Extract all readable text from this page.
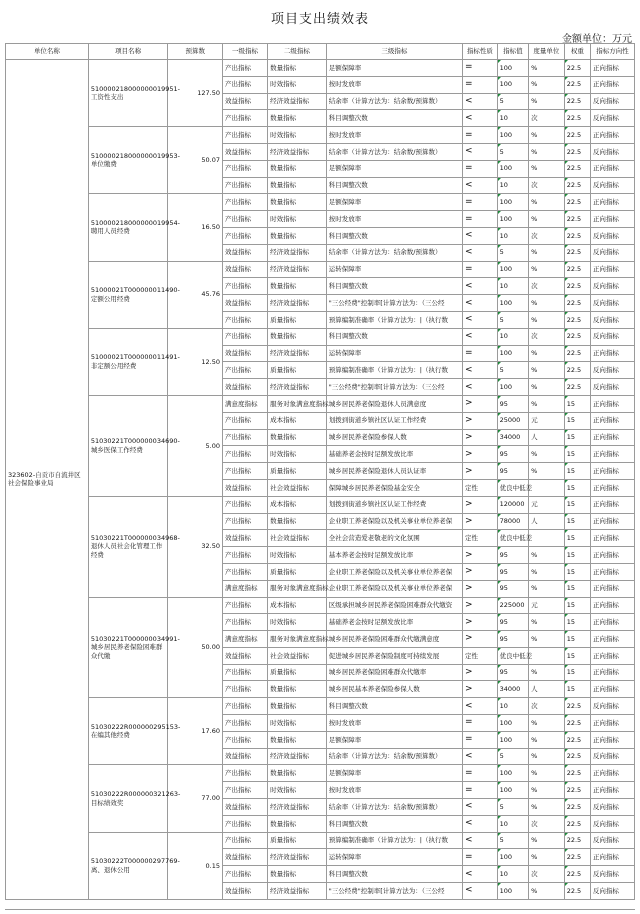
项目支出绩效表
金额单位：万元
单位名称	项目名称	预算数	一级指标	二级指标	三级指标	指标性质	指标值	度量单位	权重	指标方向性
323602-自贡市自流井区社会保险事业局	510000218000000019951-工资性支出	127.50	产出指标	数量指标	足额保障率	=	100	%	22.5	正向指标
			产出指标	时效指标	按时发放率	=	100	%	22.5	正向指标
			效益指标	经济效益指标	结余率（计算方法为：结余数/预算数）	<	5	%	22.5	反向指标
			产出指标	数量指标	科目调整次数	<	10	次	22.5	反向指标
	510000218000000019953-单位缴费	50.07	产出指标	时效指标	按时发放率	=	100	%	22.5	正向指标
			效益指标	经济效益指标	结余率（计算方法为：结余数/预算数）	<	5	%	22.5	反向指标
			产出指标	数量指标	足额保障率	=	100	%	22.5	正向指标
			产出指标	数量指标	科目调整次数	<	10	次	22.5	反向指标
	510000218000000019954-聘用人员经费	16.50	产出指标	数量指标	足额保障率	=	100	%	22.5	正向指标
			产出指标	时效指标	按时发放率	=	100	%	22.5	正向指标
			产出指标	数量指标	科目调整次数	<	10	次	22.5	反向指标
			效益指标	经济效益指标	结余率（计算方法为：结余数/预算数）	<	5	%	22.5	反向指标
	51000021T000000011490-定额公用经费	45.76	效益指标	经济效益指标	运转保障率	=	100	%	22.5	正向指标
			产出指标	数量指标	科目调整次数	<	10	次	22.5	反向指标
			效益指标	经济效益指标	"三公经费"控制率[计算方法为：（三公经	<	100	%	22.5	反向指标
			产出指标	质量指标	预算编制准确率（计算方法为：|（执行数	<	5	%	22.5	反向指标
	51000021T000000011491-非定额公用经费	12.50	产出指标	数量指标	科目调整次数	<	10	次	22.5	反向指标
			效益指标	经济效益指标	运转保障率	=	100	%	22.5	正向指标
			产出指标	质量指标	预算编制准确率（计算方法为：|（执行数	<	5	%	22.5	反向指标
			效益指标	经济效益指标	"三公经费"控制率[计算方法为：（三公经	<	100	%	22.5	反向指标
	51030221T000000034690-城乡医保工作经费	5.00	满意度指标	服务对象满意度指标	城乡居民养老保险退休人员满意度	>	95	%	15	正向指标
			产出指标	成本指标	划拨到街道乡镇社区认证工作经费	>	25000	元	15	正向指标
			产出指标	数量指标	城乡居民养老保险参保人数	>	34000	人	15	正向指标
			产出指标	时效指标	基础养老金按时足额发放比率	>	95	%	15	正向指标
			产出指标	质量指标	城乡居民养老保险退休人员认证率	>	95	%	15	正向指标
			效益指标	社会效益指标	保障城乡居民养老保险基金安全	定性	优良中低差		15	正向指标
	51030221T000000034968-退休人员社会化管理工作经费	32.50	产出指标	成本指标	划拨到街道乡镇社区认证工作经费	>	120000	元	15	正向指标
			产出指标	数量指标	企业职工养老保险以及机关事业单位养老保	>	78000	人	15	正向指标
			效益指标	社会效益指标	全社会营造爱老敬老的文化氛围	定性	优良中低差		15	正向指标
			产出指标	时效指标	基本养老金按时足额发放比率	>	95	%	15	正向指标
			产出指标	质量指标	企业职工养老保险以及机关事业单位养老保	>	95	%	15	正向指标
			满意度指标	服务对象满意度指标	企业职工养老保险以及机关事业单位养老保	>	95	%	15	正向指标
	51030221T000000034991-城乡居民养老保险困难群众代缴	50.00	产出指标	成本指标	区级承担城乡居民养老保险困难群众代缴资	>	225000	元	15	正向指标
			产出指标	时效指标	基础养老金按时足额发放比率	>	95	%	15	正向指标
			满意度指标	服务对象满意度指标	城乡居民养老保险困难群众代缴满意度	>	95	%	15	正向指标
			效益指标	社会效益指标	促进城乡居民养老保险制度可持续发展	定性	优良中低差		15	正向指标
			产出指标	质量指标	城乡居民养老保险困难群众代缴率	>	95	%	15	正向指标
			产出指标	数量指标	城乡居民基本养老保险参保人数	>	34000	人	15	正向指标
	51030222R000000295153-在编其他经费	17.60	产出指标	数量指标	科目调整次数	<	10	次	22.5	反向指标
			产出指标	时效指标	按时发放率	=	100	%	22.5	正向指标
			产出指标	数量指标	足额保障率	=	100	%	22.5	正向指标
			效益指标	经济效益指标	结余率（计算方法为：结余数/预算数）	<	5	%	22.5	反向指标
	51030222R000000321263-目标绩效奖	77.00	产出指标	数量指标	足额保障率	=	100	%	22.5	正向指标
			产出指标	时效指标	按时发放率	=	100	%	22.5	正向指标
			效益指标	经济效益指标	结余率（计算方法为：结余数/预算数）	<	5	%	22.5	反向指标
			产出指标	数量指标	科目调整次数	<	10	次	22.5	反向指标
	51030222T000000297769-离、退休公用	0.15	产出指标	质量指标	预算编制准确率（计算方法为：|（执行数	<	5	%	22.5	反向指标
			效益指标	经济效益指标	运转保障率	=	100	%	22.5	正向指标
			产出指标	数量指标	科目调整次数	<	10	次	22.5	反向指标
			效益指标	经济效益指标	"三公经费"控制率[计算方法为：（三公经	<	100	%	22.5	反向指标
